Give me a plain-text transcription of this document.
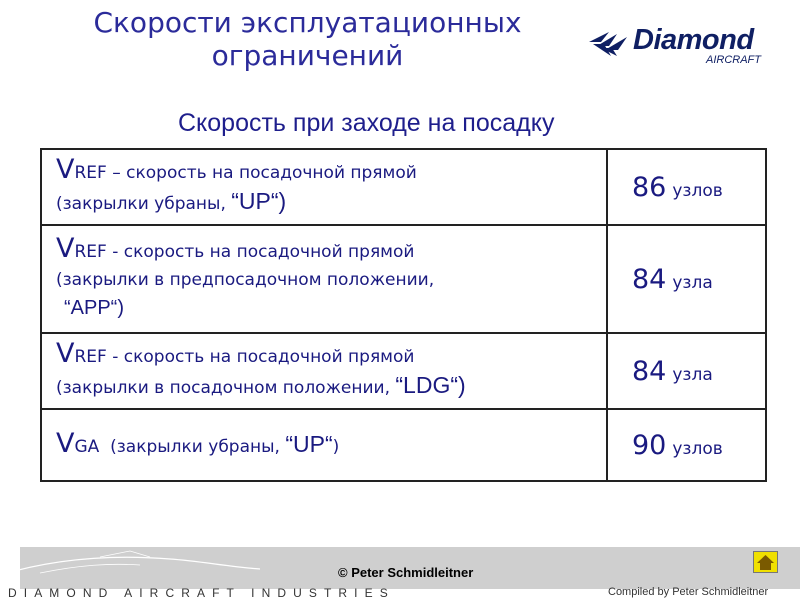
Скорости эксплуатационных
ограничений	Diamond
AIRCRAFT
Скорость при заходе на посадку
VREF – скорость на посадочной прямой
(закрылки убраны, “UP“)	86 узлов

VREF - скорость на посадочной прямой
(закрылки в предпосадочном положении,
“APP“)	84 узла

VREF - скорость на посадочной прямой
(закрылки в посадочном положении, “LDG“)	84 узла

VGA  (закрылки убраны, “UP“)	90 узлов
DIAMOND AIRCRAFT INDUSTRIES
© Peter Schmidleitner
Compiled by Peter Schmidleitner
